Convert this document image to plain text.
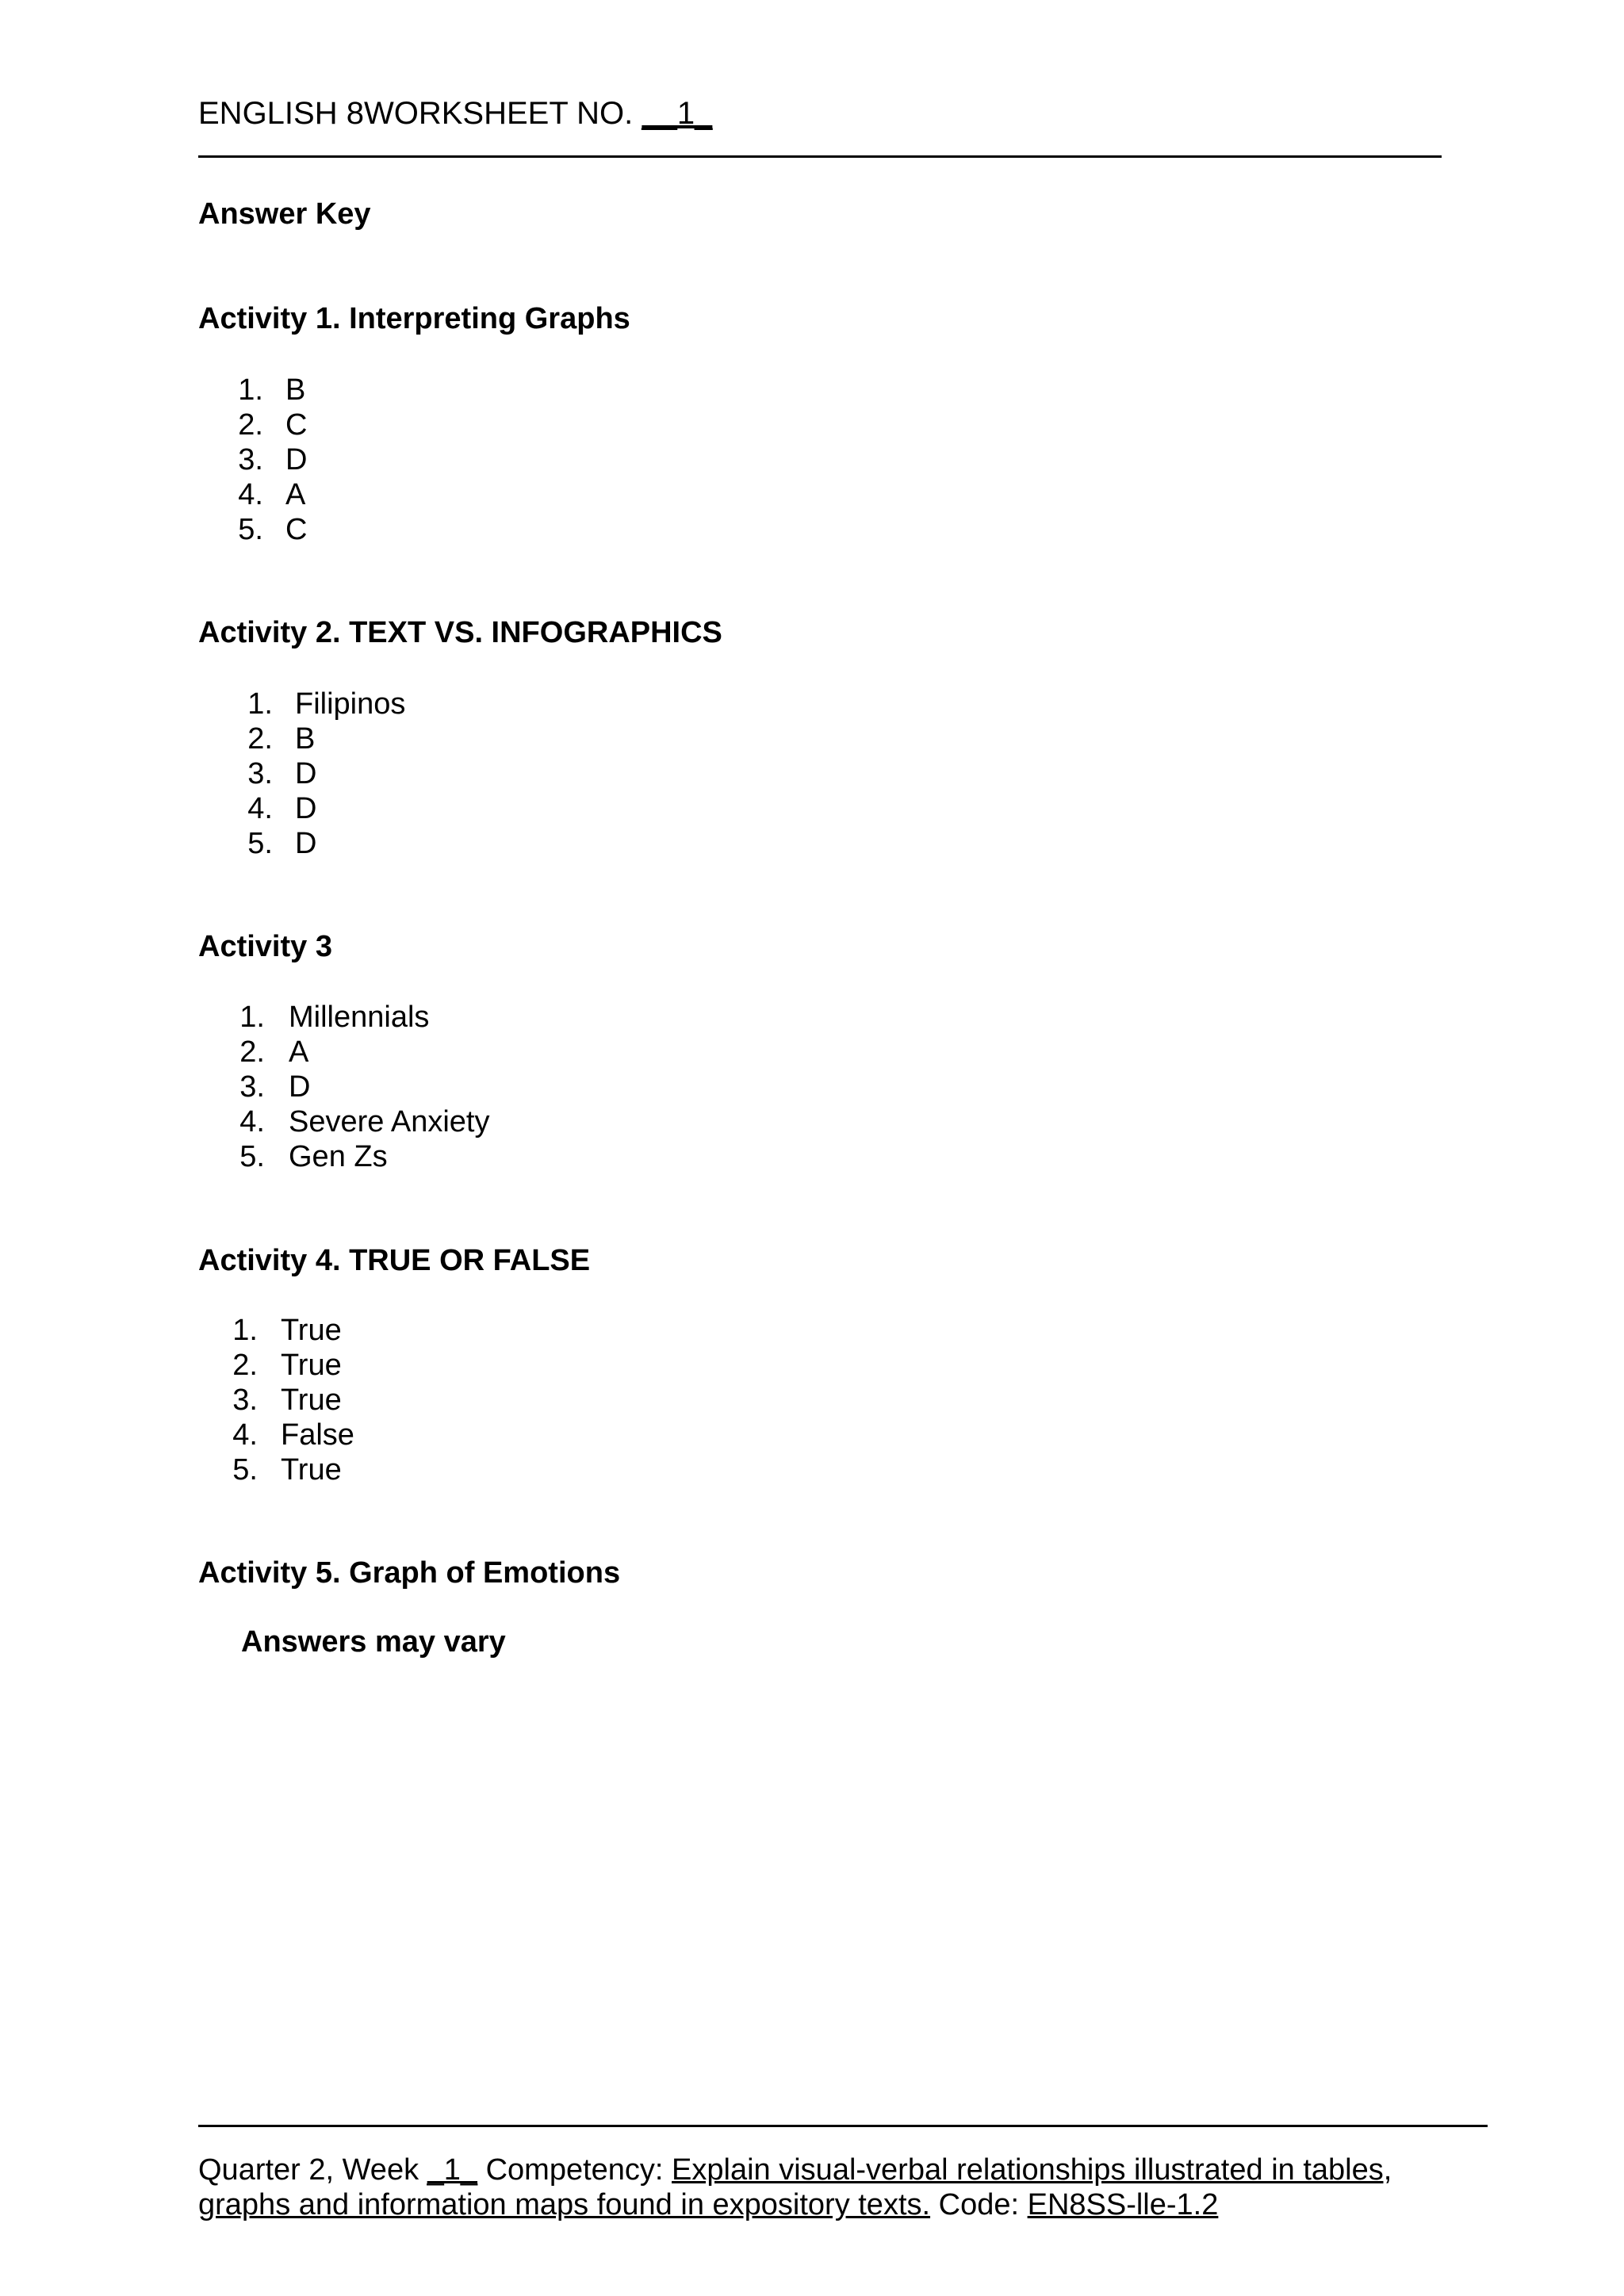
ENGLISH 8WORKSHEET NO. __1_
Answer Key
Activity 1. Interpreting Graphs
1. B
2. C
3. D
4. A
5. C
Activity 2. TEXT VS. INFOGRAPHICS
1. Filipinos
2. B
3. D
4. D
5. D
Activity 3
1. Millennials
2. A
3. D
4. Severe Anxiety
5. Gen Zs
Activity 4. TRUE OR FALSE
1. True
2. True
3. True
4. False
5. True
Activity 5. Graph of Emotions
Answers may vary
Quarter 2, Week _1_ Competency: Explain visual-verbal relationships illustrated in tables,
graphs and information maps found in expository texts. Code: EN8SS-lle-1.2
